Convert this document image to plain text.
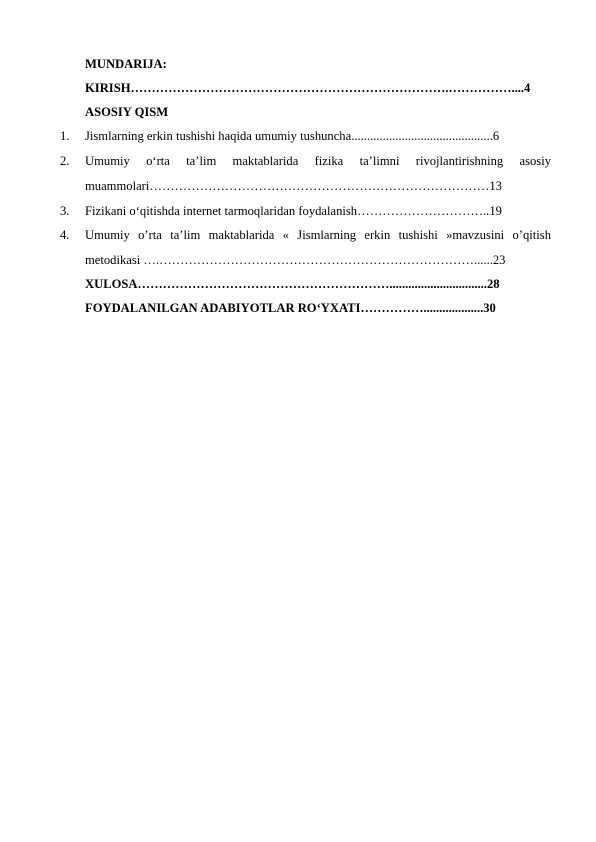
MUNDARIJA:
KIRISH………………………………………………………………….……………....4
ASOSIY QISM
1. Jismlarning erkin tushishi haqida umumiy tushuncha.............................................6
2. Umumiy o‘rta ta’lim maktablarida fizika ta’limni rivojlantirishning asosiy
muammolari………………………………………………………………………13
3. Fizikani o‘qitishda internet tarmoqlaridan foydalanish…………………………..19
4. Umumiy o’rta ta’lim maktablarida « Jismlarning erkin tushishi »mavzusini o’qitish
metodikasi ….…………………………………………………………………......23
XULOSA……………………………………………………...............................28
FOYDALANILGAN ADABIYOTLAR RO‘YXATI……………...................30
